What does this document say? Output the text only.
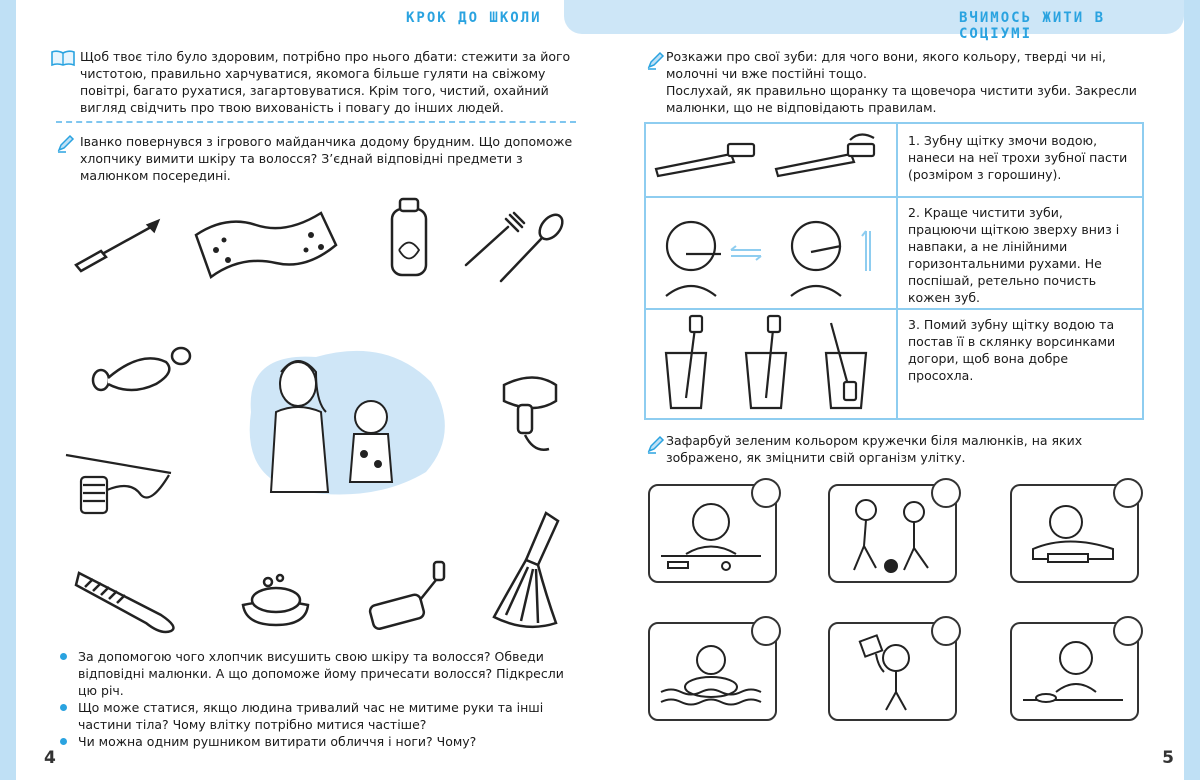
КРОК ДО ШКОЛИ
Щоб твоє тіло було здоровим, потрібно про нього дбати: стежити за його чистотою, правильно харчуватися, якомога більше гуляти на свіжому повітрі, багато рухатися, загартовуватися. Крім того, чистий, охайний вигляд свідчить про твою вихованість і повагу до інших людей.
Іванко повернувся з ігрового майданчика додому брудним. Що допоможе хлопчику вимити шкіру та волосся? З’єднай відповідні предмети з малюнком посередині.
За допомогою чого хлопчик висушить свою шкіру та волосся? Обведи відповідні малюнки. А що допоможе йому причесати волосся? Підкресли цю річ.
Що може статися, якщо людина тривалий час не митиме руки та інші частини тіла? Чому влітку потрібно митися частіше?
Чи можна одним рушником витирати обличчя і ноги? Чому?
4
ВЧИМОСЬ ЖИТИ В СОЦІУМІ
Розкажи про свої зуби: для чого вони, якого кольору, тверді чи ні, молочні чи вже постійні тощо.
Послухай, як правильно щоранку та щовечора чистити зуби. Закресли малюнки, що не відповідають правилам.
1. Зубну щітку змочи водою, нанеси на неї трохи зубної пасти (розміром з горошину).
2. Краще чистити зуби, працюючи щіткою зверху вниз і навпаки, а не лінійними горизонтальними рухами. Не поспішай, ретельно почисть кожен зуб.
3. Помий зубну щітку водою та постав її в склянку ворсинками догори, щоб вона добре просохла.
Зафарбуй зеленим кольором кружечки біля малюнків, на яких зображено, як зміцнити свій організм улітку.
5
